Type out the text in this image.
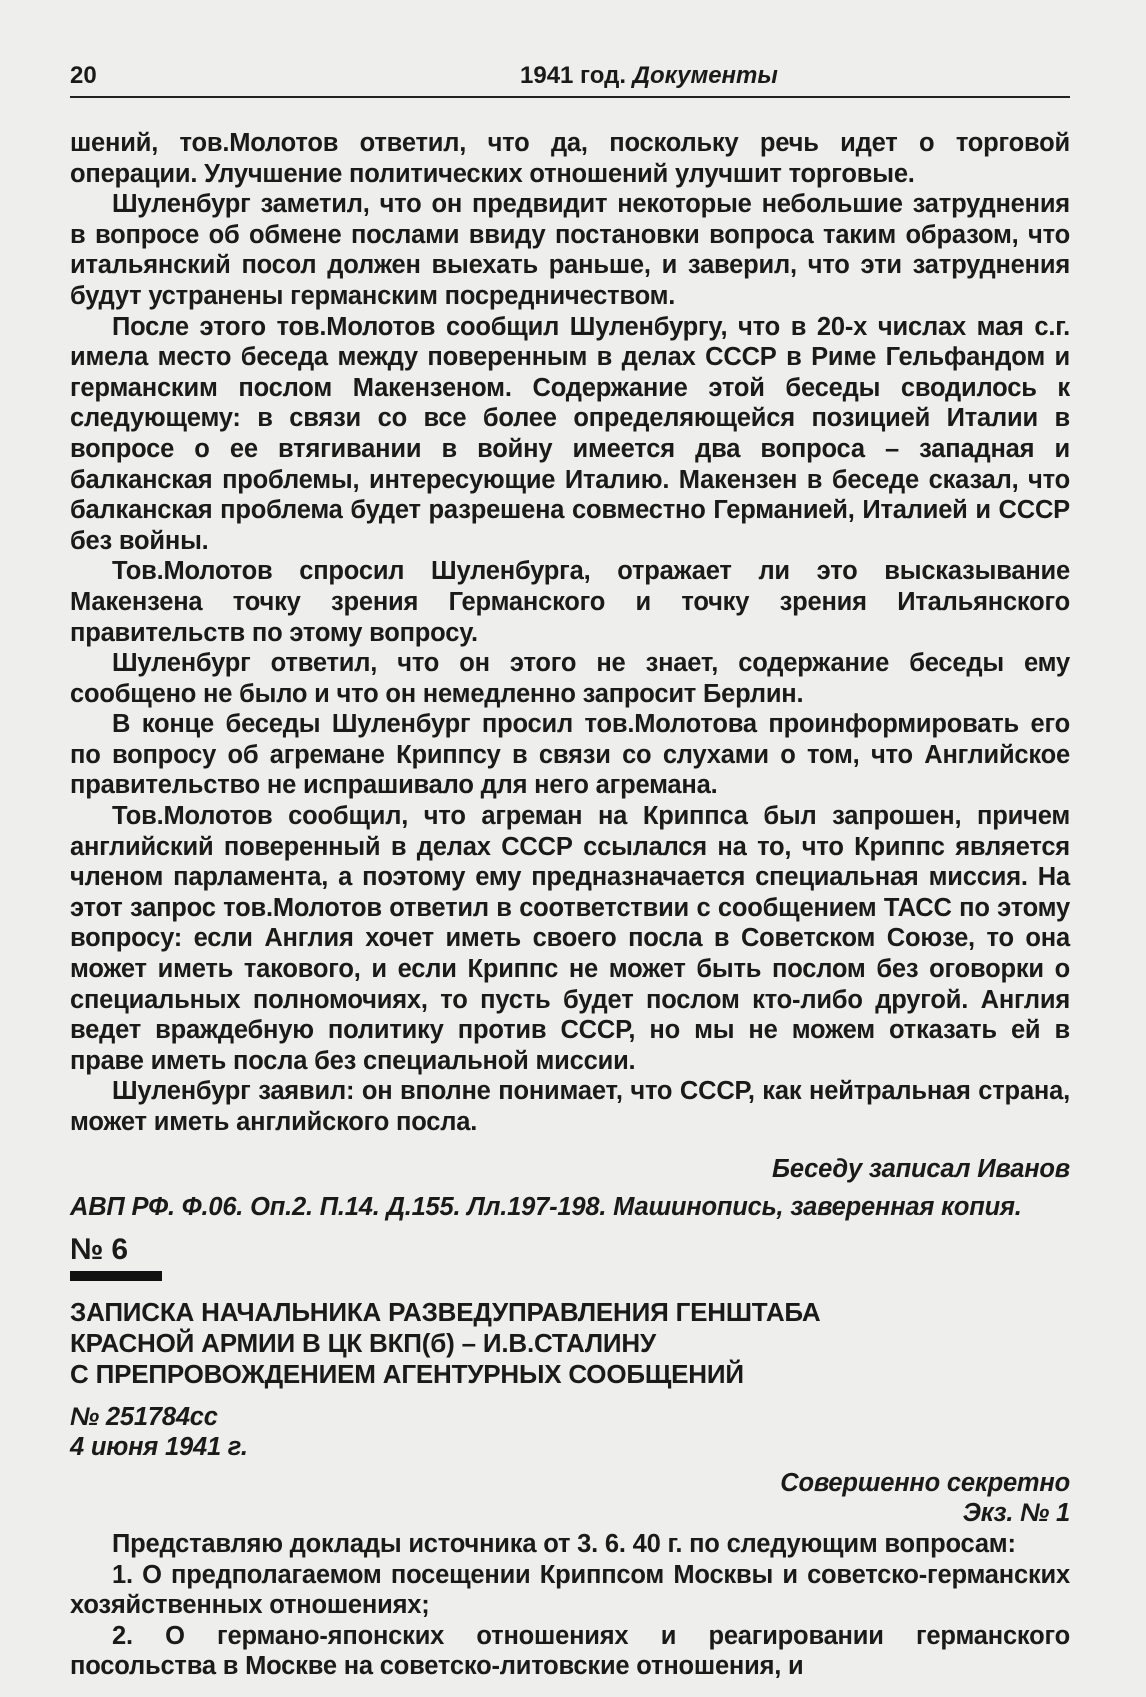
20	1941 год. Документы

шений, тов.Молотов ответил, что да, поскольку речь идет о торговой операции. Улучшение политических отношений улучшит торговые.

Шуленбург заметил, что он предвидит некоторые небольшие затруднения в вопросе об обмене послами ввиду постановки вопроса таким образом, что итальянский посол должен выехать раньше, и заверил, что эти затруднения будут устранены германским посредничеством.

После этого тов.Молотов сообщил Шуленбургу, что в 20-х числах мая с.г. имела место беседа между поверенным в делах СССР в Риме Гельфандом и германским послом Макензеном. Содержание этой беседы сводилось к следующему: в связи со все более определяющейся позицией Италии в вопросе о ее втягивании в войну имеется два вопроса – западная и балканская проблемы, интересующие Италию. Макензен в беседе сказал, что балканская проблема будет разрешена совместно Германией, Италией и СССР без войны.

Тов.Молотов спросил Шуленбурга, отражает ли это высказывание Макензена точку зрения Германского и точку зрения Итальянского правительств по этому вопросу.

Шуленбург ответил, что он этого не знает, содержание беседы ему сообщено не было и что он немедленно запросит Берлин.

В конце беседы Шуленбург просил тов.Молотова проинформировать его по вопросу об агремане Криппсу в связи со слухами о том, что Английское правительство не испрашивало для него агремана.

Тов.Молотов сообщил, что агреман на Криппса был запрошен, причем английский поверенный в делах СССР ссылался на то, что Криппс является членом парламента, а поэтому ему предназначается специальная миссия. На этот запрос тов.Молотов ответил в соответствии с сообщением ТАСС по этому вопросу: если Англия хочет иметь своего посла в Советском Союзе, то она может иметь такового, и если Криппс не может быть послом без оговорки о специальных полномочиях, то пусть будет послом кто-либо другой. Англия ведет враждебную политику против СССР, но мы не можем отказать ей в праве иметь посла без специальной миссии.

Шуленбург заявил: он вполне понимает, что СССР, как нейтральная страна, может иметь английского посла.

Беседу записал Иванов
АВП РФ. Ф.06. Оп.2. П.14. Д.155. Лл.197-198. Машинопись, заверенная копия.
№ 6
ЗАПИСКА НАЧАЛЬНИКА РАЗВЕДУПРАВЛЕНИЯ ГЕНШТАБА
КРАСНОЙ АРМИИ В ЦК ВКП(б) – И.В.СТАЛИНУ
С ПРЕПРОВОЖДЕНИЕМ АГЕНТУРНЫХ СООБЩЕНИЙ
№ 251784сс
4 июня 1941 г.
Совершенно секретно
Экз. № 1

Представляю доклады источника от 3. 6. 40 г. по следующим вопросам:

1. О предполагаемом посещении Криппсом Москвы и советско-германских хозяйственных отношениях;

2. О германо-японских отношениях и реагировании германского посольства в Москве на советско-литовские отношения, и
